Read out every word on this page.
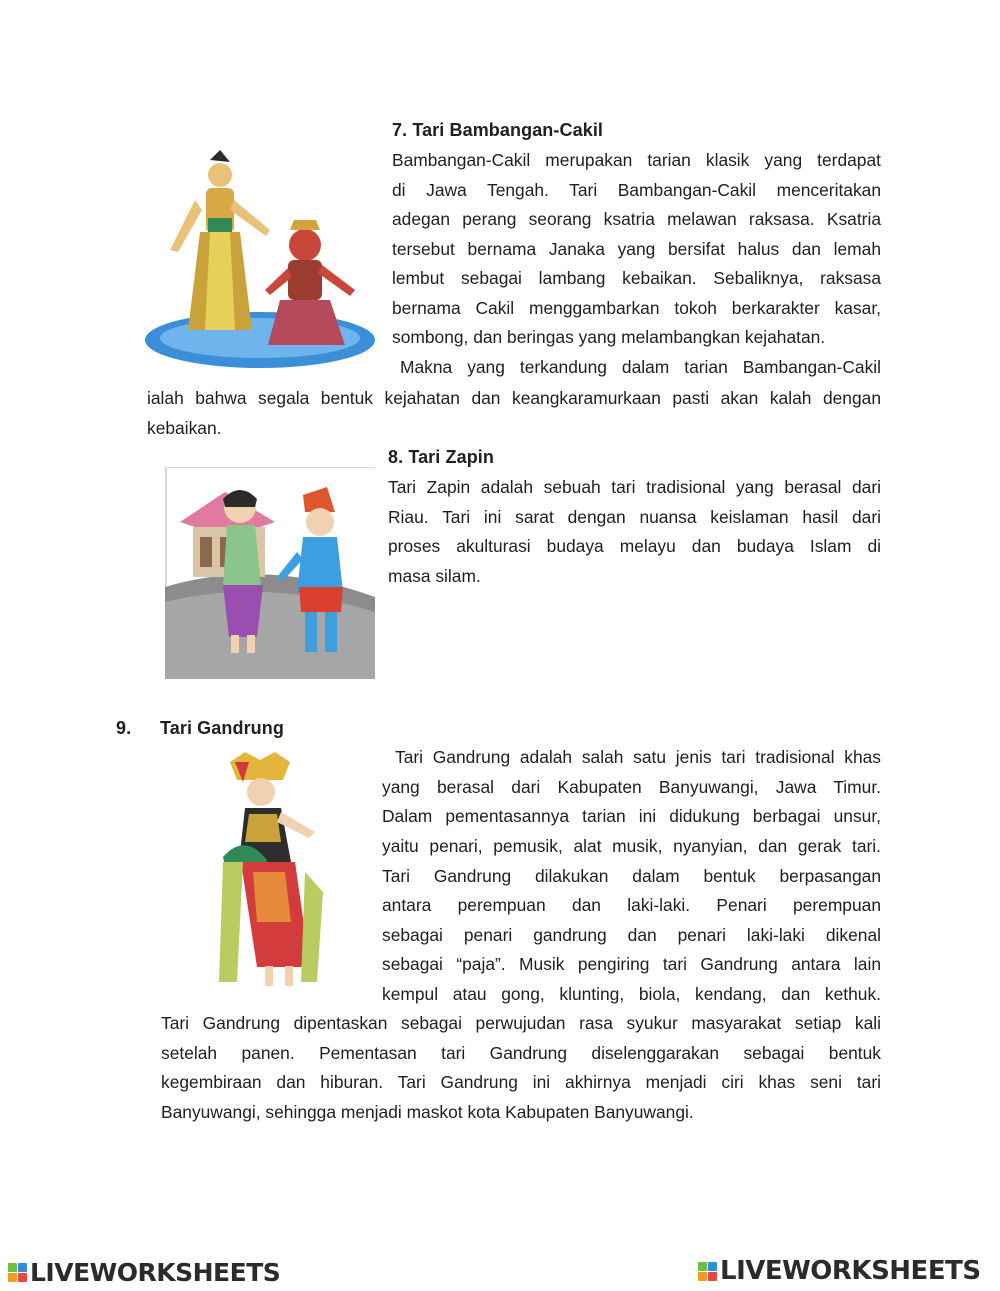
7. Tari Bambangan-Cakil
Bambangan-Cakil merupakan tarian klasik yang terdapat
di Jawa Tengah. Tari Bambangan-Cakil menceritakan
adegan perang seorang ksatria melawan raksasa. Ksatria
tersebut bernama Janaka yang bersifat halus dan lemah
lembut sebagai lambang kebaikan. Sebaliknya, raksasa
bernama Cakil menggambarkan tokoh berkarakter kasar,
sombong, dan beringas yang melambangkan kejahatan.
Makna yang terkandung dalam tarian Bambangan-Cakil
ialah bahwa segala bentuk kejahatan dan keangkaramurkaan pasti akan kalah dengan
kebaikan.
8. Tari Zapin
Tari Zapin adalah sebuah tari tradisional yang berasal dari
Riau. Tari ini sarat dengan nuansa keislaman hasil dari
proses akulturasi budaya melayu dan budaya Islam di
masa silam.
9. Tari Gandrung
Tari Gandrung adalah salah satu jenis tari tradisional khas
yang berasal dari Kabupaten Banyuwangi, Jawa Timur.
Dalam pementasannya tarian ini didukung berbagai unsur,
yaitu penari, pemusik, alat musik, nyanyian, dan gerak tari.
Tari Gandrung dilakukan dalam bentuk berpasangan
antara perempuan dan laki-laki. Penari perempuan
sebagai penari gandrung dan penari laki-laki dikenal
sebagai “paja”. Musik pengiring tari Gandrung antara lain
kempul atau gong, klunting, biola, kendang, dan kethuk.
Tari Gandrung dipentaskan sebagai perwujudan rasa syukur masyarakat setiap kali
setelah panen. Pementasan tari Gandrung diselenggarakan sebagai bentuk
kegembiraan dan hiburan. Tari Gandrung ini akhirnya menjadi ciri khas seni tari
Banyuwangi, sehingga menjadi maskot kota Kabupaten Banyuwangi.
LIVEWORKSHEETS	LIVEWORKSHEETS
